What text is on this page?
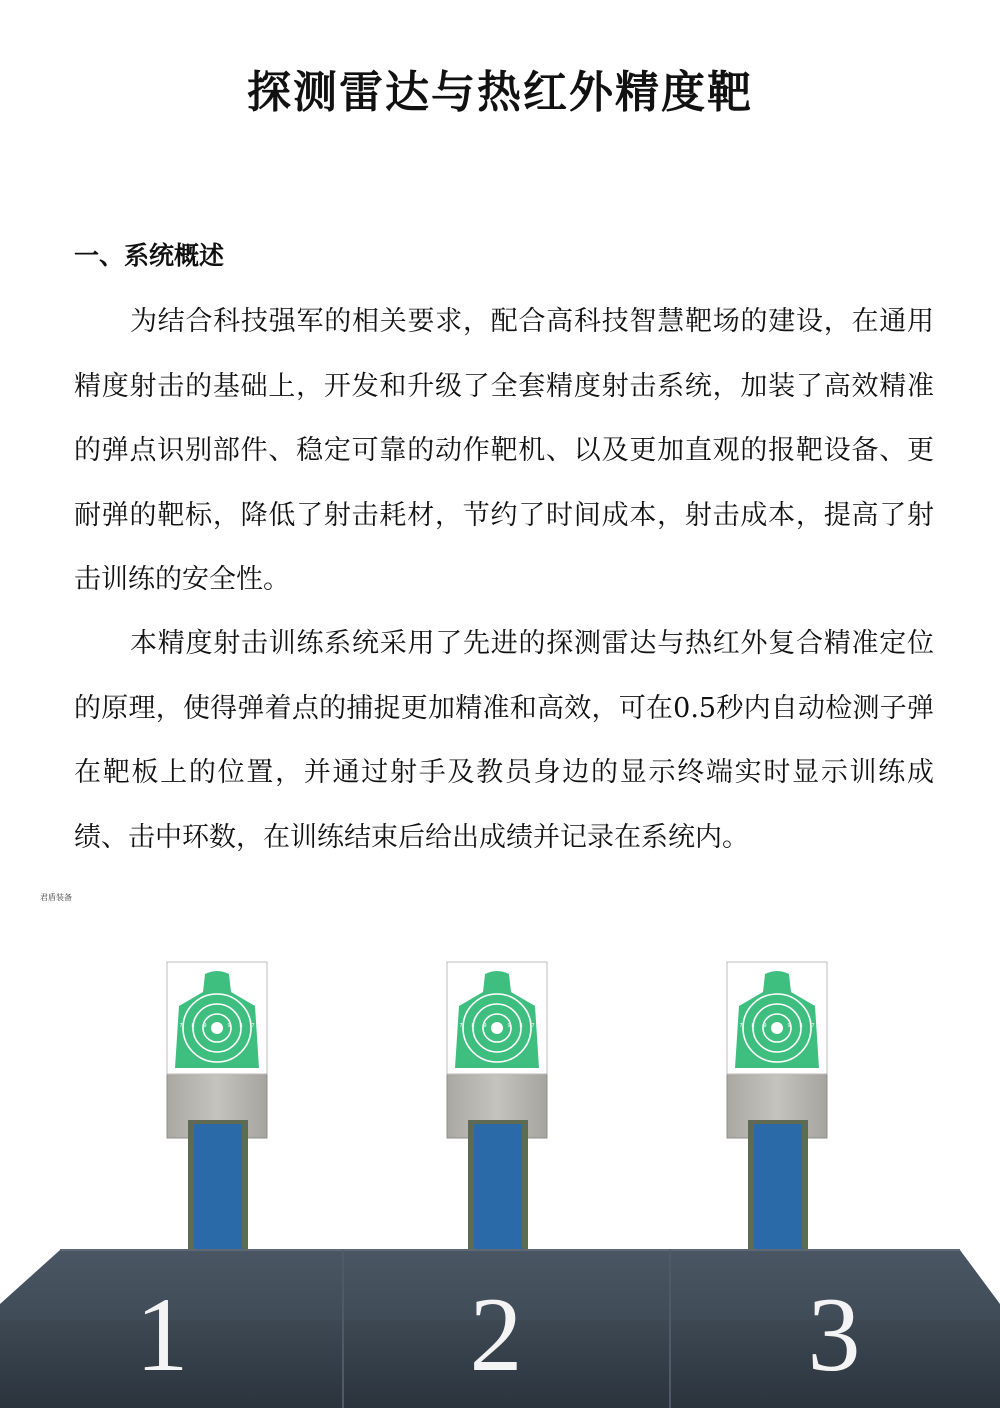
探测雷达与热红外精度靶
一、系统概述

为结合科技强军的相关要求，配合高科技智慧靶场的建设，在通用精度射击的基础上，开发和升级了全套精度射击系统，加装了高效精准的弹点识别部件、稳定可靠的动作靶机、以及更加直观的报靶设备、更耐弹的靶标，降低了射击耗材，节约了时间成本，射击成本，提高了射击训练的安全性。

本精度射击训练系统采用了先进的探测雷达与热红外复合精准定位的原理，使得弹着点的捕捉更加精准和高效，可在0.5秒内自动检测子弹在靶板上的位置，并通过射手及教员身边的显示终端实时显示训练成绩、击中环数，在训练结束后给出成绩并记录在系统内。

君盾装备
7 8 9 10 9 8 7	7 8 9 10 9 8 7	7 8 9 10 9 8 7
1	2	3
